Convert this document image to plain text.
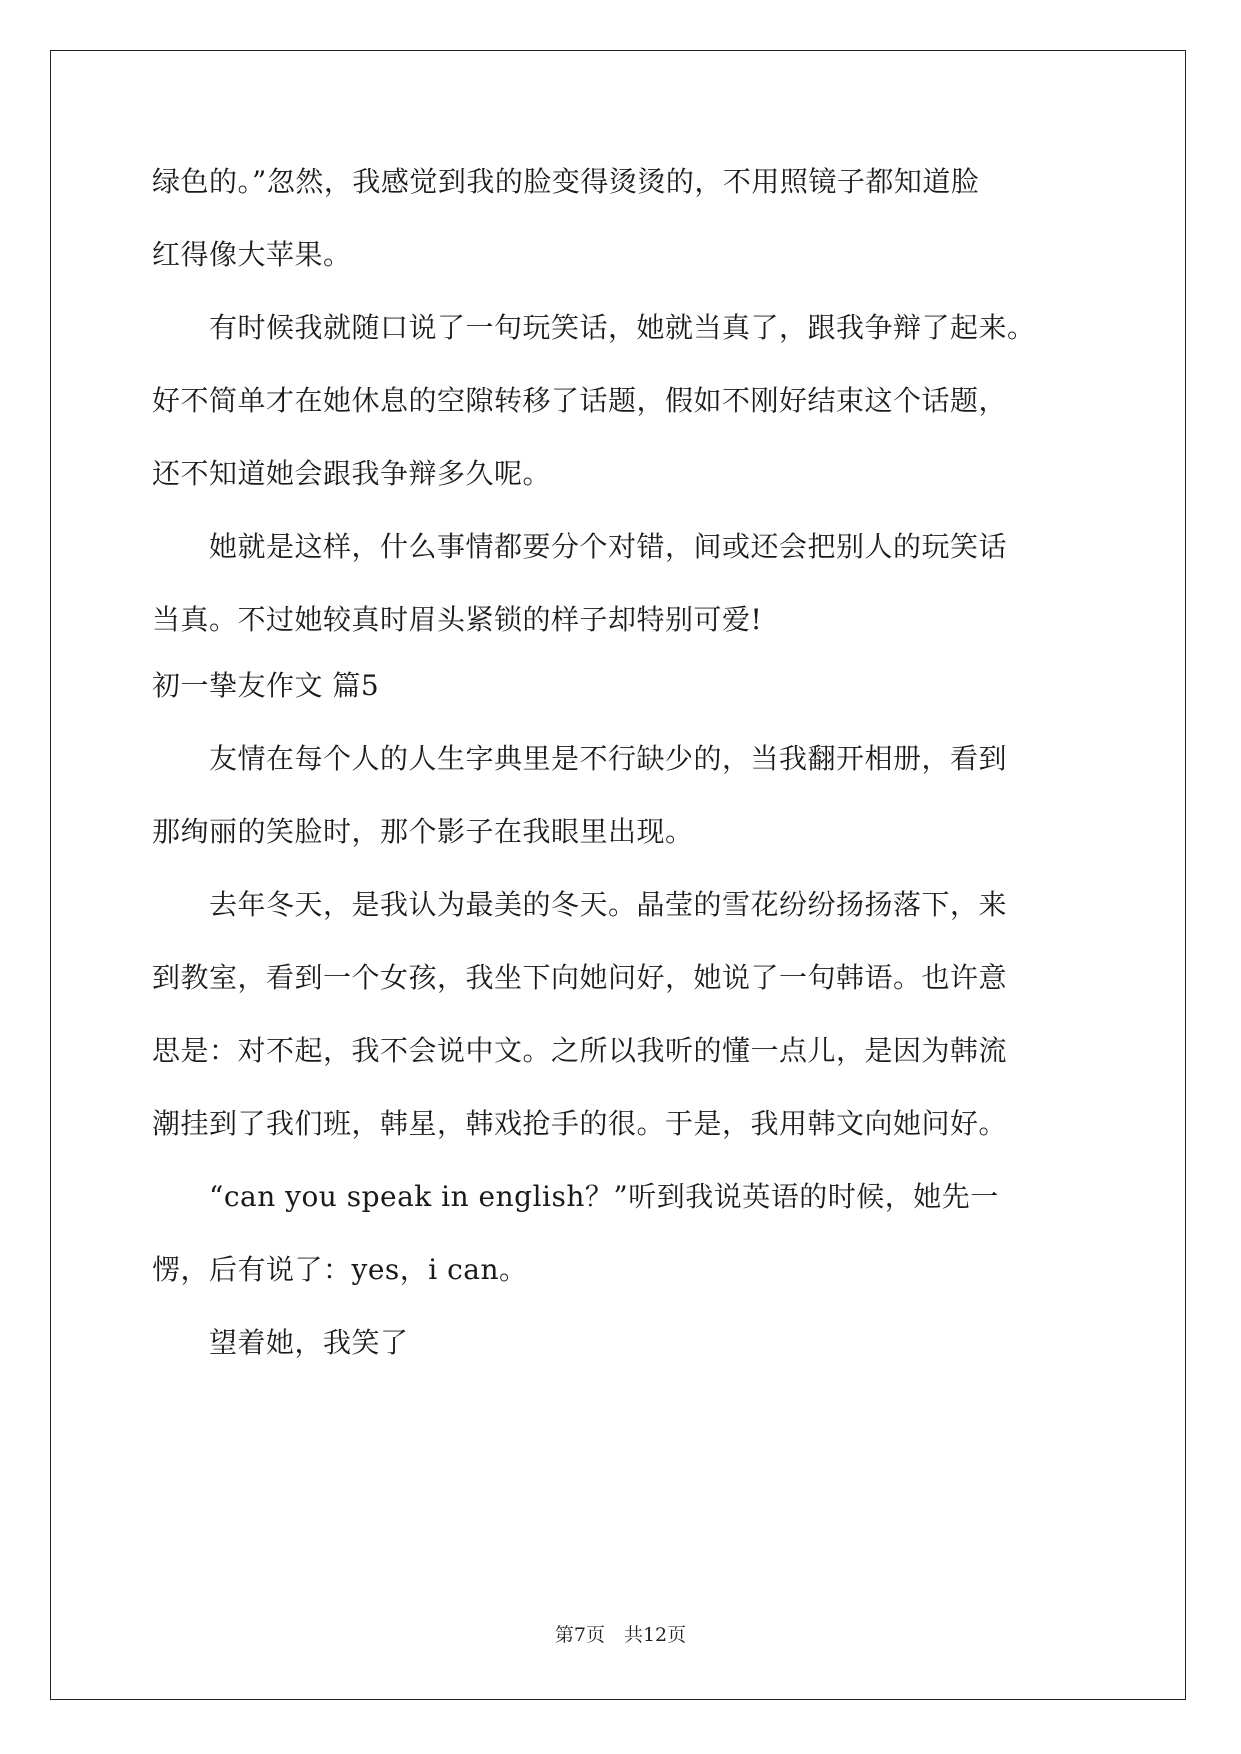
绿色的。”忽然，我感觉到我的脸变得烫烫的，不用照镜子都知道脸
红得像大苹果。
　　有时候我就随口说了一句玩笑话，她就当真了，跟我争辩了起来。
好不简单才在她休息的空隙转移了话题，假如不刚好结束这个话题，
还不知道她会跟我争辩多久呢。
　　她就是这样，什么事情都要分个对错，间或还会把别人的玩笑话
当真。不过她较真时眉头紧锁的样子却特别可爱!
初一挚友作文 篇5
　　友情在每个人的人生字典里是不行缺少的，当我翻开相册，看到
那绚丽的笑脸时，那个影子在我眼里出现。
　　去年冬天，是我认为最美的冬天。晶莹的雪花纷纷扬扬落下，来
到教室，看到一个女孩，我坐下向她问好，她说了一句韩语。也许意
思是：对不起，我不会说中文。之所以我听的懂一点儿，是因为韩流
潮挂到了我们班，韩星，韩戏抢手的很。于是，我用韩文向她问好。
　　“can you speak in english？”听到我说英语的时候，她先一
愣，后有说了：yes，i can。
　　望着她，我笑了
第7页　共12页
